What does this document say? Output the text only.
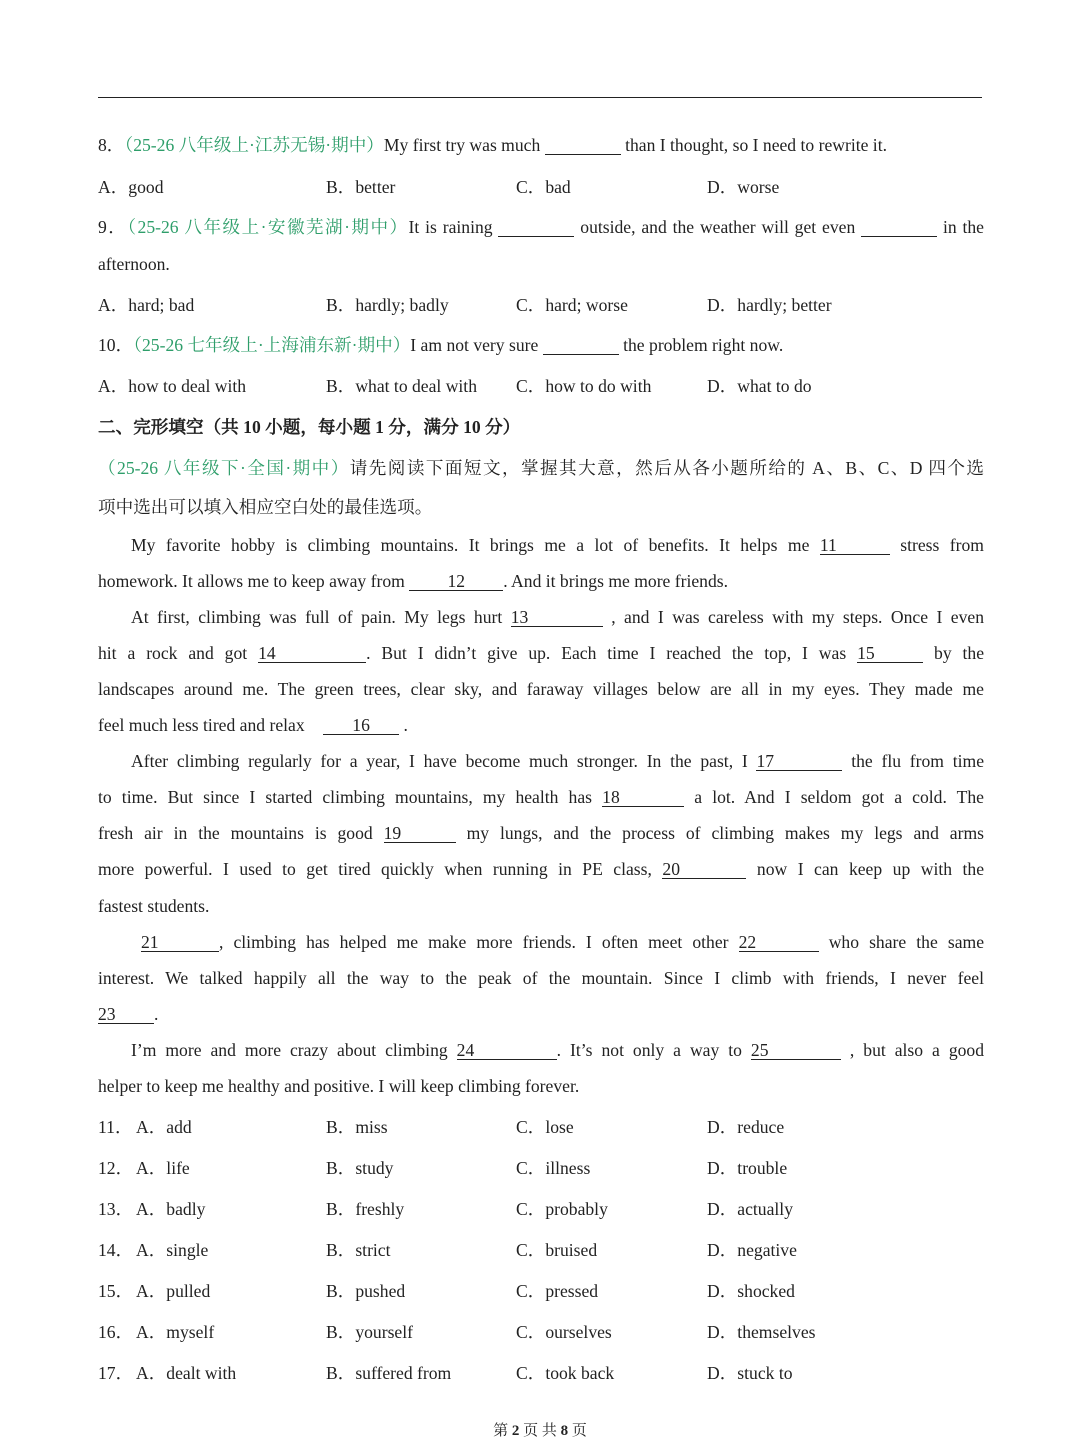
8．（25-26 八年级上·江苏无锡·期中）My first try was much	than I thought, so I need to rewrite it.
A．good	B．better	C．bad	D．worse
9．（25-26 八年级上·安徽芜湖·期中）It is raining	outside, and the weather will get even	in the
afternoon.
A．hard; bad	B．hardly; badly	C．hard; worse	D．hardly; better
10．（25-26 七年级上·上海浦东新·期中）I am not very sure	the problem right now.
A．how to deal with	B．what to deal with C．how to do with	D．what to do
二、完形填空（共 10 小题，每小题 1 分，满分 10 分）
（25-26 八年级下·全国·期中）请先阅读下面短文，掌握其大意，然后从各小题所给的 A、B、C、D 四个选
项中选出可以填入相应空白处的最佳选项。
My favorite hobby is climbing mountains. It brings me a lot of benefits. It helps me 11	stress from
homework. It allows me to keep away from 12 . And it brings me more friends.
At first, climbing was full of pain. My legs hurt 13	, and I was careless with my steps. Once I even
hit a rock and got 14	. But I didn’t give up. Each time I reached the top, I was 15	by the
landscapes around me. The green trees, clear sky, and faraway villages below are all in my eyes. They made me
feel much less tired and relax	16 .
After climbing regularly for a year, I have become much stronger. In the past, I 17	the flu from time
to time. But since I started climbing mountains, my health has 18	a lot. And I seldom got a cold. The
fresh air in the mountains is good 19	my lungs, and the process of climbing makes my legs and arms
more powerful. I used to get tired quickly when running in PE class, 20	now I can keep up with the
fastest students.
21	, climbing has helped me make more friends. I often meet other 22	who share the same
interest. We talked happily all the way to the peak of the mountain. Since I climb with friends, I never feel
23 .
I’m more and more crazy about climbing 24	. It’s not only a way to 25	, but also a good
helper to keep me healthy and positive. I will keep climbing forever.
11． A．add	B．miss	C．lose	D．reduce
12． A．life	B．study	C．illness	D．trouble
13． A．badly	B．freshly	C．probably	D．actually
14． A．single	B．strict	C．bruised	D．negative
15． A．pulled	B．pushed	C．pressed	D．shocked
16． A．myself	B．yourself	C．ourselves	D．themselves
17． A．dealt with	B．suffered from	C．took back	D．stuck to
第 2 页 共 8 页
